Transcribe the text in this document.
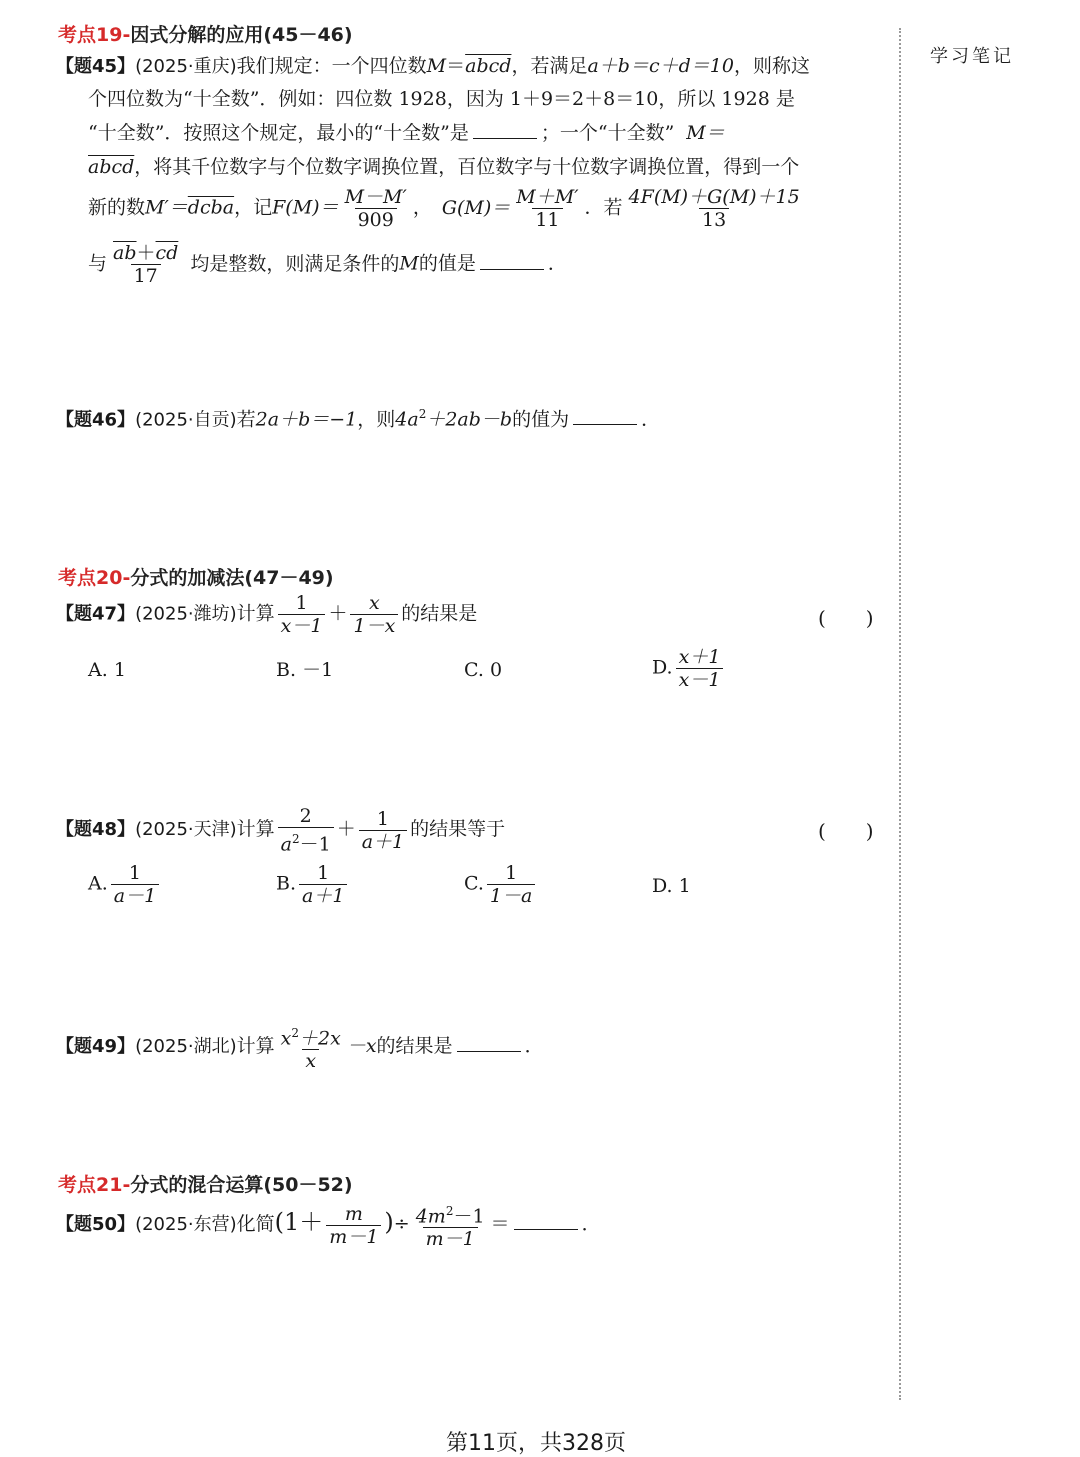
学习笔记
考点19-因式分解的应用(45－46)
【题45】(2025·重庆)我们规定：一个四位数M＝abcd，若满足a＋b＝c＋d＝10，则称这
个四位数为“十全数”．例如：四位数 1928，因为 1＋9＝2＋8＝10，所以 1928 是
“十全数”．按照这个规定，最小的“十全数”是	；一个“十全数” M＝
abcd，将其千位数字与个位数字调换位置，百位数字与十位数字调换位置，得到一个
新的数M′＝dcba，记$F(M)= \frac{M-M'}{909}$ ， $G(M)= \frac{M+M'}{11}$ ．若 $\frac{4F(M)+G(M)+15}{13}$
与 $\frac{\overline{ab}+\overline{cd}}{17}$ 均是整数，则满足条件的M的值是	．
【题46】(2025·自贡)若2a＋b＝−1，则$4a^2+2ab-b$的值为	．
考点20-分式的加减法(47－49)
【题47】(2025·潍坊)计算 $\frac{1}{x-1} + \frac{x}{1-x}$ 的结果是	(　　)
A. 1	B. －1	C. 0	D. $\frac{x+1}{x-1}$
【题48】(2025·天津)计算 $\frac{2}{a^2-1} + \frac{1}{a+1}$ 的结果等于	(　　)
A. $\frac{1}{a-1}$	B. $\frac{1}{a+1}$	C. $\frac{1}{1-a}$	D. 1
【题49】(2025·湖北)计算 $\frac{x^2+2x}{x} -x$的结果是	．
考点21-分式的混合运算(50－52)
【题50】(2025·东营)化简($1+ \frac{m}{m-1}$ )÷ $\frac{4m^2-1}{m-1}$ ＝	．
第11页，共328页
